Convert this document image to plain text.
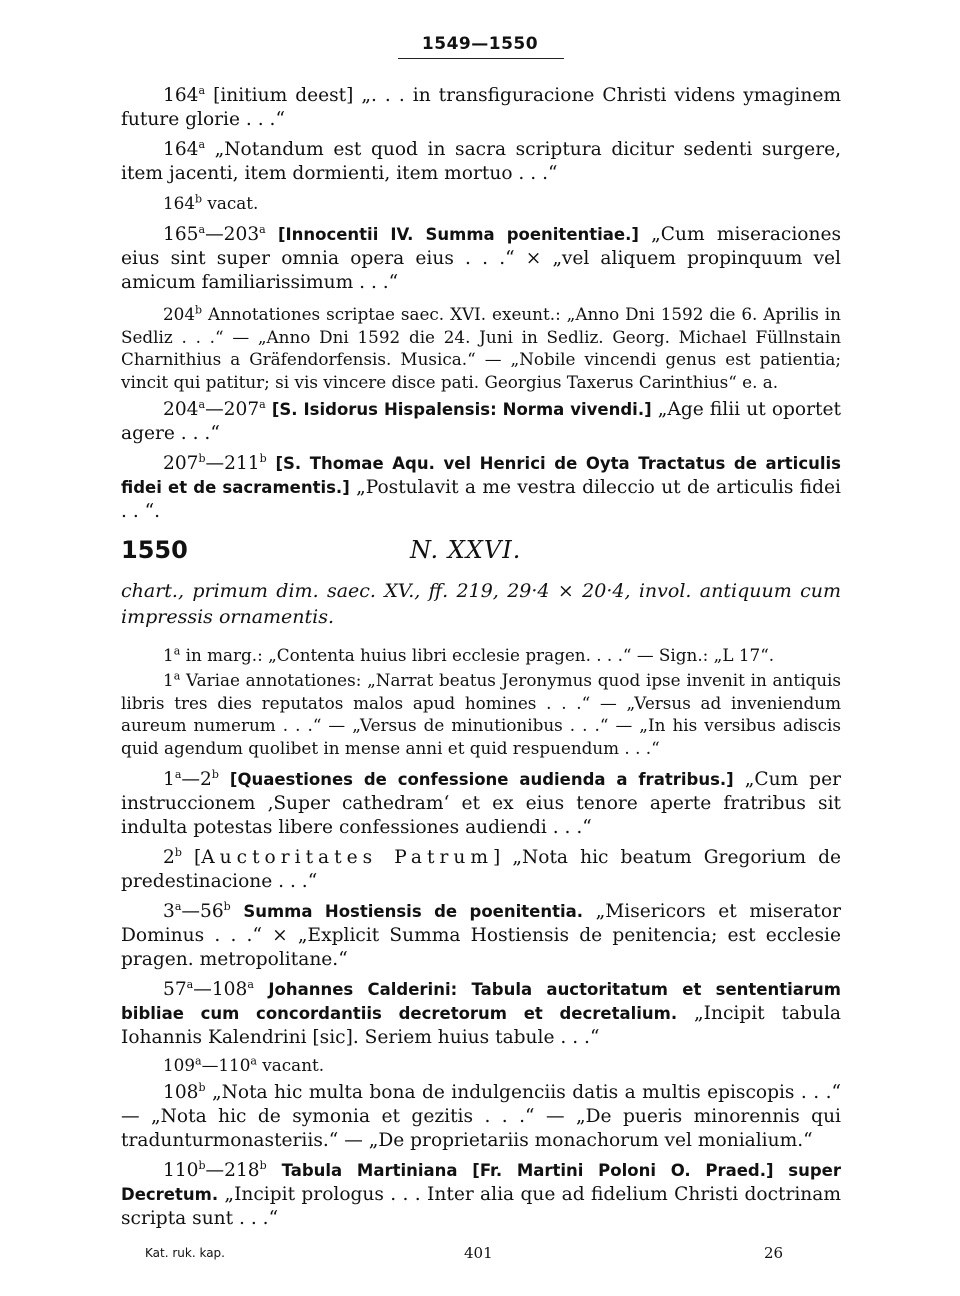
1549—1550

164$^a$ [initium deest] „. . . in transfiguracione Christi videns ymaginem future glorie . . .“

164$^a$ „Notandum est quod in sacra scriptura dicitur sedenti surgere, item jacenti, item dormienti, item mortuo . . .“

164$^b$ vacat.

165$^a$—203$^a$ [Innocentii IV. Summa poenitentiae.] „Cum miseraciones eius sint super omnia opera eius . . .“ × „vel aliquem propinquum vel amicum familiarissimum . . .“

204$^b$ Annotationes scriptae saec. XVI. exeunt.: „Anno Dni 1592 die 6. Aprilis in Sedliz . . .“ — „Anno Dni 1592 die 24. Juni in Sedliz. Georg. Michael Füllnstain Charnithius a Gräfendorfensis. Musica.“ — „Nobile vincendi genus est patientia; vincit qui patitur; si vis vincere disce pati. Georgius Taxerus Carinthius“ e. a.

204$^a$—207$^a$ [S. Isidorus Hispalensis: Norma vivendi.] „Age filii ut oportet agere . . .“

207$^b$—211$^b$ [S. Thomae Aqu. vel Henrici de Oyta Tractatus de articulis fidei et de sacramentis.] „Postulavit a me vestra dileccio ut de articulis fidei . . “.

1550	N. XXVI.

chart., primum dim. saec. XV., ff. 219, 29·4 × 20·4, invol. antiquum cum impressis ornamentis.

1$^a$ in marg.: „Contenta huius libri ecclesie pragen. . . .“ — Sign.: „L 17“.

1$^a$ Variae annotationes: „Narrat beatus Jeronymus quod ipse invenit in antiquis libris tres dies reputatos malos apud homines . . .“ — „Versus ad inveniendum aureum numerum . . .“ — „Versus de minutionibus . . .“ — „In his versibus adiscis quid agendum quolibet in mense anni et quid respuendum . . .“

1$^a$—2$^b$ [Quaestiones de confessione audienda a fratribus.] „Cum per instruccionem ‚Super cathedram‘ et ex eius tenore aperte fratribus sit indulta potestas libere confessiones audiendi . . .“

2$^b$ [Auctoritates Patrum] „Nota hic beatum Gregorium de predestinacione . . .“

3$^a$—56$^b$ Summa Hostiensis de poenitentia. „Misericors et miserator Dominus . . .“ × „Explicit Summa Hostiensis de penitencia; est ecclesie pragen. metropolitane.“

57$^a$—108$^a$ Johannes Calderini: Tabula auctoritatum et sententiarum bibliae cum concordantiis decretorum et decretalium. „Incipit tabula Iohannis Kalendrini [sic]. Seriem huius tabule . . .“

109$^a$—110$^a$ vacant.

108$^b$ „Nota hic multa bona de indulgenciis datis a multis episcopis . . .“ — „Nota hic de symonia et gezitis . . .“ — „De pueris minorennis qui tradunturmonasteriis.“ — „De proprietariis monachorum vel monialium.“

110$^b$—218$^b$ Tabula Martiniana [Fr. Martini Poloni O. Praed.] super Decretum. „Incipit prologus . . . Inter alia que ad fidelium Christi doctrinam scripta sunt . . .“

Kat. ruk. kap.	401	26
